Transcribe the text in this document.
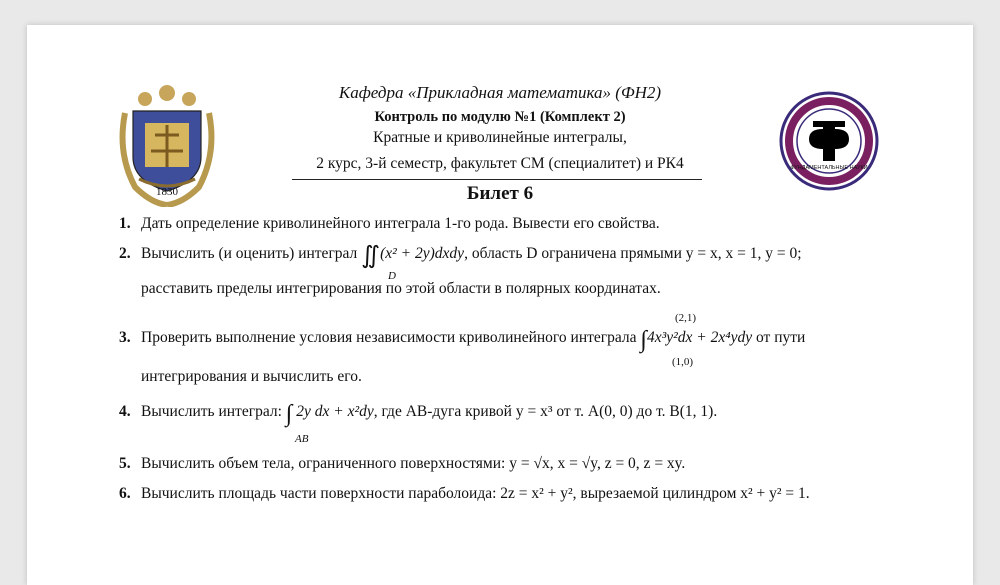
1830
ФУНДАМЕНТАЛЬНЫЕ НАУКИ
Кафедра «Прикладная математика» (ФН2)
Контроль по модулю №1 (Комплект 2)
Кратные и криволинейные интегралы,
2 курс, 3-й семестр, факультет СМ (специалитет) и РК4
Билет 6
1. Дать определение криволинейного интеграла 1-го рода. Вывести его свойства.
2. Вычислить (и оценить) интеграл ∬(x² + 2y)dxdy, область D ограничена прямыми y = x, x = 1, y = 0;
D
расставить пределы интегрирования по этой области в полярных координатах.
3. Проверить выполнение условия независимости криволинейного интеграла ∫4x³y²dx + 2x⁴ydy от пути
(2,1)
(1,0)
интегрирования и вычислить его.
4. Вычислить интеграл: ∫ 2y dx + x²dy, где AB-дуга кривой y = x³ от т. A(0, 0) до т. B(1, 1).
AB
5. Вычислить объем тела, ограниченного поверхностями: y = √x, x = √y, z = 0, z = xy.
6. Вычислить площадь части поверхности параболоида: 2z = x² + y², вырезаемой цилиндром x² + y² = 1.
